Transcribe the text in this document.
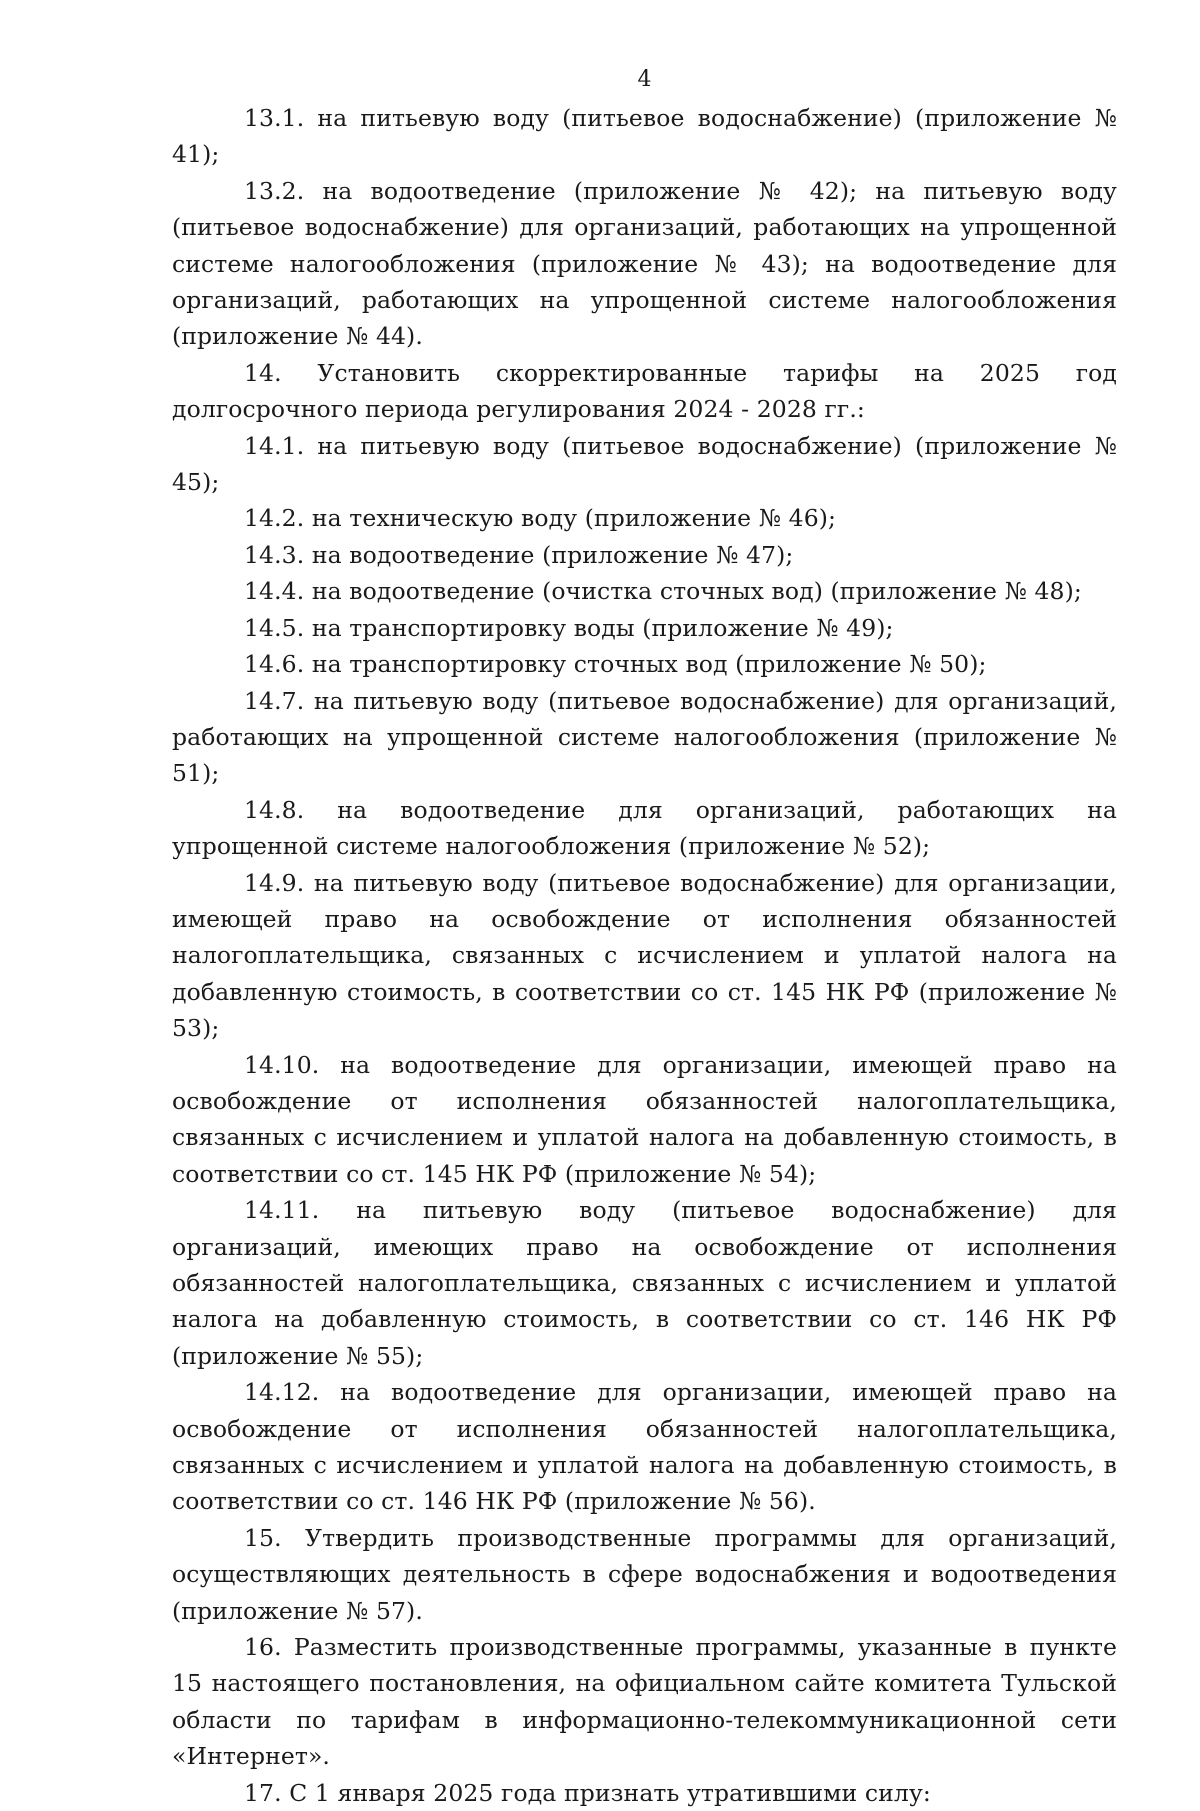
4

13.1. на питьевую воду (питьевое водоснабжение) (приложение № 41);

13.2. на водоотведение (приложение № 42); на питьевую воду (питьевое водоснабжение) для организаций, работающих на упрощенной системе налогообложения (приложение № 43); на водоотведение для организаций, работающих на упрощенной системе налогообложения (приложение № 44).

14. Установить скорректированные тарифы на 2025 год долгосрочного периода регулирования 2024 - 2028 гг.:

14.1. на питьевую воду (питьевое водоснабжение) (приложение № 45);

14.2. на техническую воду (приложение № 46);

14.3. на водоотведение (приложение № 47);

14.4. на водоотведение (очистка сточных вод) (приложение № 48);

14.5. на транспортировку воды (приложение № 49);

14.6. на транспортировку сточных вод (приложение № 50);

14.7. на питьевую воду (питьевое водоснабжение) для организаций, работающих на упрощенной системе налогообложения (приложение № 51);

14.8. на водоотведение для организаций, работающих на упрощенной системе налогообложения (приложение № 52);

14.9. на питьевую воду (питьевое водоснабжение) для организации, имеющей право на освобождение от исполнения обязанностей налогоплательщика, связанных с исчислением и уплатой налога на добавленную стоимость, в соответствии со ст. 145 НК РФ (приложение № 53);

14.10. на водоотведение для организации, имеющей право на освобождение от исполнения обязанностей налогоплательщика, связанных с исчислением и уплатой налога на добавленную стоимость, в соответствии со ст. 145 НК РФ (приложение № 54);

14.11. на питьевую воду (питьевое водоснабжение) для организаций, имеющих право на освобождение от исполнения обязанностей налогоплательщика, связанных с исчислением и уплатой налога на добавленную стоимость, в соответствии со ст. 146 НК РФ (приложение № 55);

14.12. на водоотведение для организации, имеющей право на освобождение от исполнения обязанностей налогоплательщика, связанных с исчислением и уплатой налога на добавленную стоимость, в соответствии со ст. 146 НК РФ (приложение № 56).

15. Утвердить производственные программы для организаций, осуществляющих деятельность в сфере водоснабжения и водоотведения (приложение № 57).

16. Разместить производственные программы, указанные в пункте 15 настоящего постановления, на официальном сайте комитета Тульской области по тарифам в информационно-телекоммуникационной сети «Интернет».

17. С 1 января 2025 года признать утратившими силу:
